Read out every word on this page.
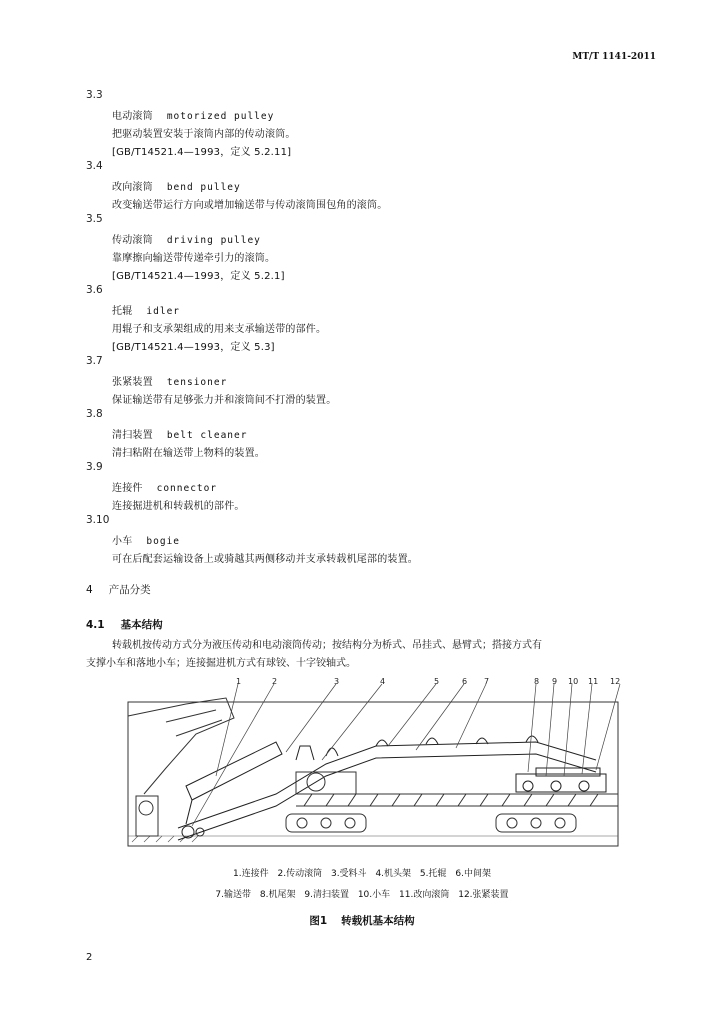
MT/T 1141-2011
3.3
电动滚筒 motorized pulley
把驱动装置安装于滚筒内部的传动滚筒。
[GB/T14521.4—1993，定义 5.2.11]
3.4
改向滚筒 bend pulley
改变输送带运行方向或增加输送带与传动滚筒围包角的滚筒。
3.5
传动滚筒 driving pulley
靠摩擦向输送带传递牵引力的滚筒。
[GB/T14521.4—1993，定义 5.2.1]
3.6
托辊 idler
用辊子和支承架组成的用来支承输送带的部件。
[GB/T14521.4—1993，定义 5.3]
3.7
张紧装置 tensioner
保证输送带有足够张力并和滚筒间不打滑的装置。
3.8
清扫装置 belt cleaner
清扫粘附在输送带上物料的装置。
3.9
连接件 connector
连接掘进机和转载机的部件。
3.10
小车 bogie
可在后配套运输设备上或骑越其两侧移动并支承转载机尾部的装置。
4 产品分类
4.1 基本结构
转载机按传动方式分为液压传动和电动滚筒传动；按结构分为桥式、吊挂式、悬臂式；搭接方式有
支撑小车和落地小车；连接掘进机方式有球铰、十字铰轴式。
1	2	3	4	5	6 7	8 9 10 11 12
1.连接件 2.传动滚筒 3.受料斗 4.机头架 5.托辊 6.中间架
7.输送带 8.机尾架 9.清扫装置 10.小车 11.改向滚筒 12.张紧装置
图1 转载机基本结构
2
